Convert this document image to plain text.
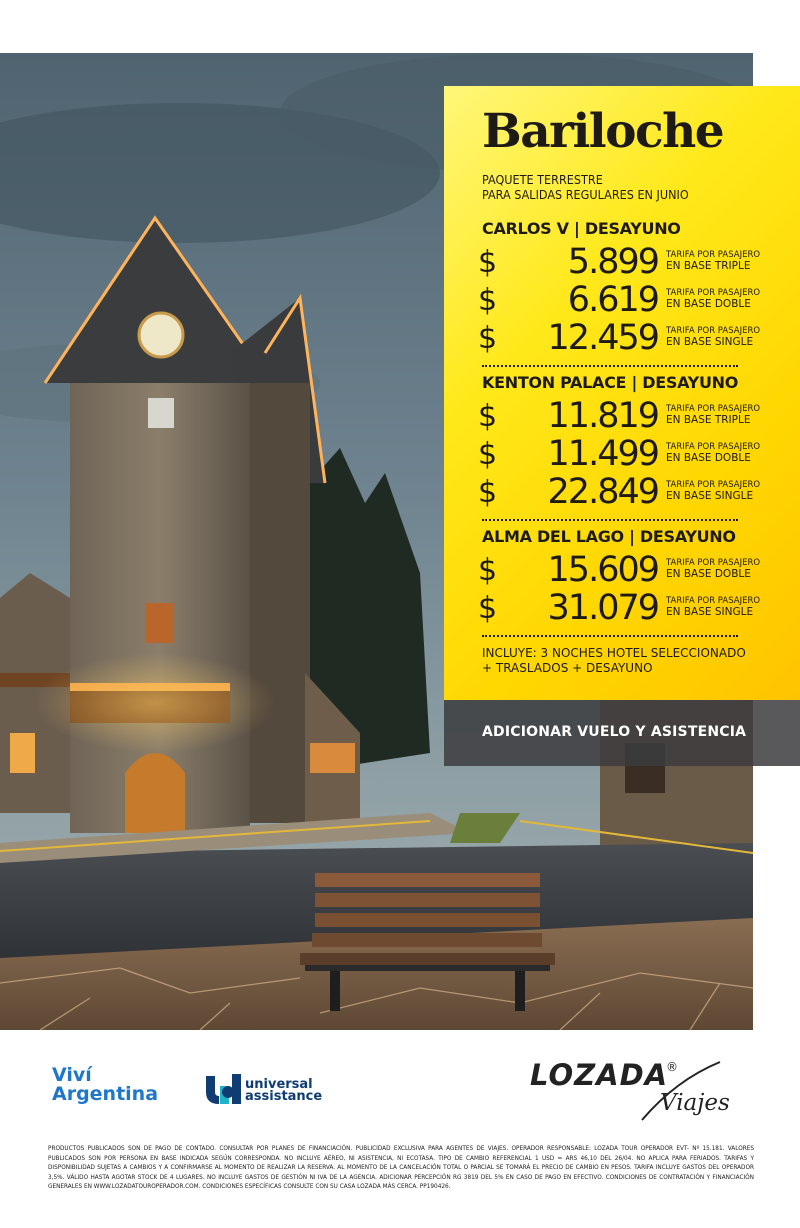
Bariloche
PAQUETE TERRESTRE
PARA SALIDAS REGULARES EN JUNIO
CARLOS V | DESAYUNO
$ 5.899 TARIFA POR PASAJERO
EN BASE TRIPLE
$ 6.619 TARIFA POR PASAJERO
EN BASE DOBLE
$ 12.459 TARIFA POR PASAJERO
EN BASE SINGLE
KENTON PALACE | DESAYUNO
$ 11.819 TARIFA POR PASAJERO
EN BASE TRIPLE
$ 11.499 TARIFA POR PASAJERO
EN BASE DOBLE
$ 22.849 TARIFA POR PASAJERO
EN BASE SINGLE
ALMA DEL LAGO | DESAYUNO
$ 15.609 TARIFA POR PASAJERO
EN BASE DOBLE
$ 31.079 TARIFA POR PASAJERO
EN BASE SINGLE
INCLUYE: 3 NOCHES HOTEL SELECCIONADO
+ TRASLADOS + DESAYUNO
ADICIONAR VUELO Y ASISTENCIA
Viví
Argentina	universal
assistance
LOZADA
®
Viajes
PRODUCTOS PUBLICADOS SON DE PAGO DE CONTADO. CONSULTAR POR PLANES DE FINANCIACIÓN. PUBLICIDAD EXCLUSIVA PARA AGENTES DE VIAJES. OPERADOR RESPONSABLE: LOZADA TOUR OPERADOR EVT- Nº 15.181. VALORES PUBLICADOS SON POR PERSONA EN BASE INDICADA SEGÚN CORRESPONDA. NO INCLUYE AÉREO, NI ASISTENCIA, NI ECOTASA. TIPO DE CAMBIO REFERENCIAL 1 USD = ARS 46,10 DEL 26/04. NO APLICA PARA FERIADOS. TARIFAS Y DISPONIBILIDAD SUJETAS A CAMBIOS Y A CONFIRMARSE AL MOMENTO DE REALIZAR LA RESERVA. AL MOMENTO DE LA CANCELACIÓN TOTAL O PARCIAL SE TOMARÁ EL PRECIO DE CAMBIO EN PESOS. TARIFA INCLUYE GASTOS DEL OPERADOR 3,5%. VÁLIDO HASTA AGOTAR STOCK DE 4 LUGARES. NO INCLUYE GASTOS DE GESTIÓN NI IVA DE LA AGENCIA. ADICIONAR PERCEPCIÓN RG 3819 DEL 5% EN CASO DE PAGO EN EFECTIVO. CONDICIONES DE CONTRATACIÓN Y FINANCIACIÓN GENERALES EN WWW.LOZADATOUROPERADOR.COM. CONDICIONES ESPECÍFICAS CONSULTE CON SU CASA LOZADA MÁS CERCA. PP190426.
